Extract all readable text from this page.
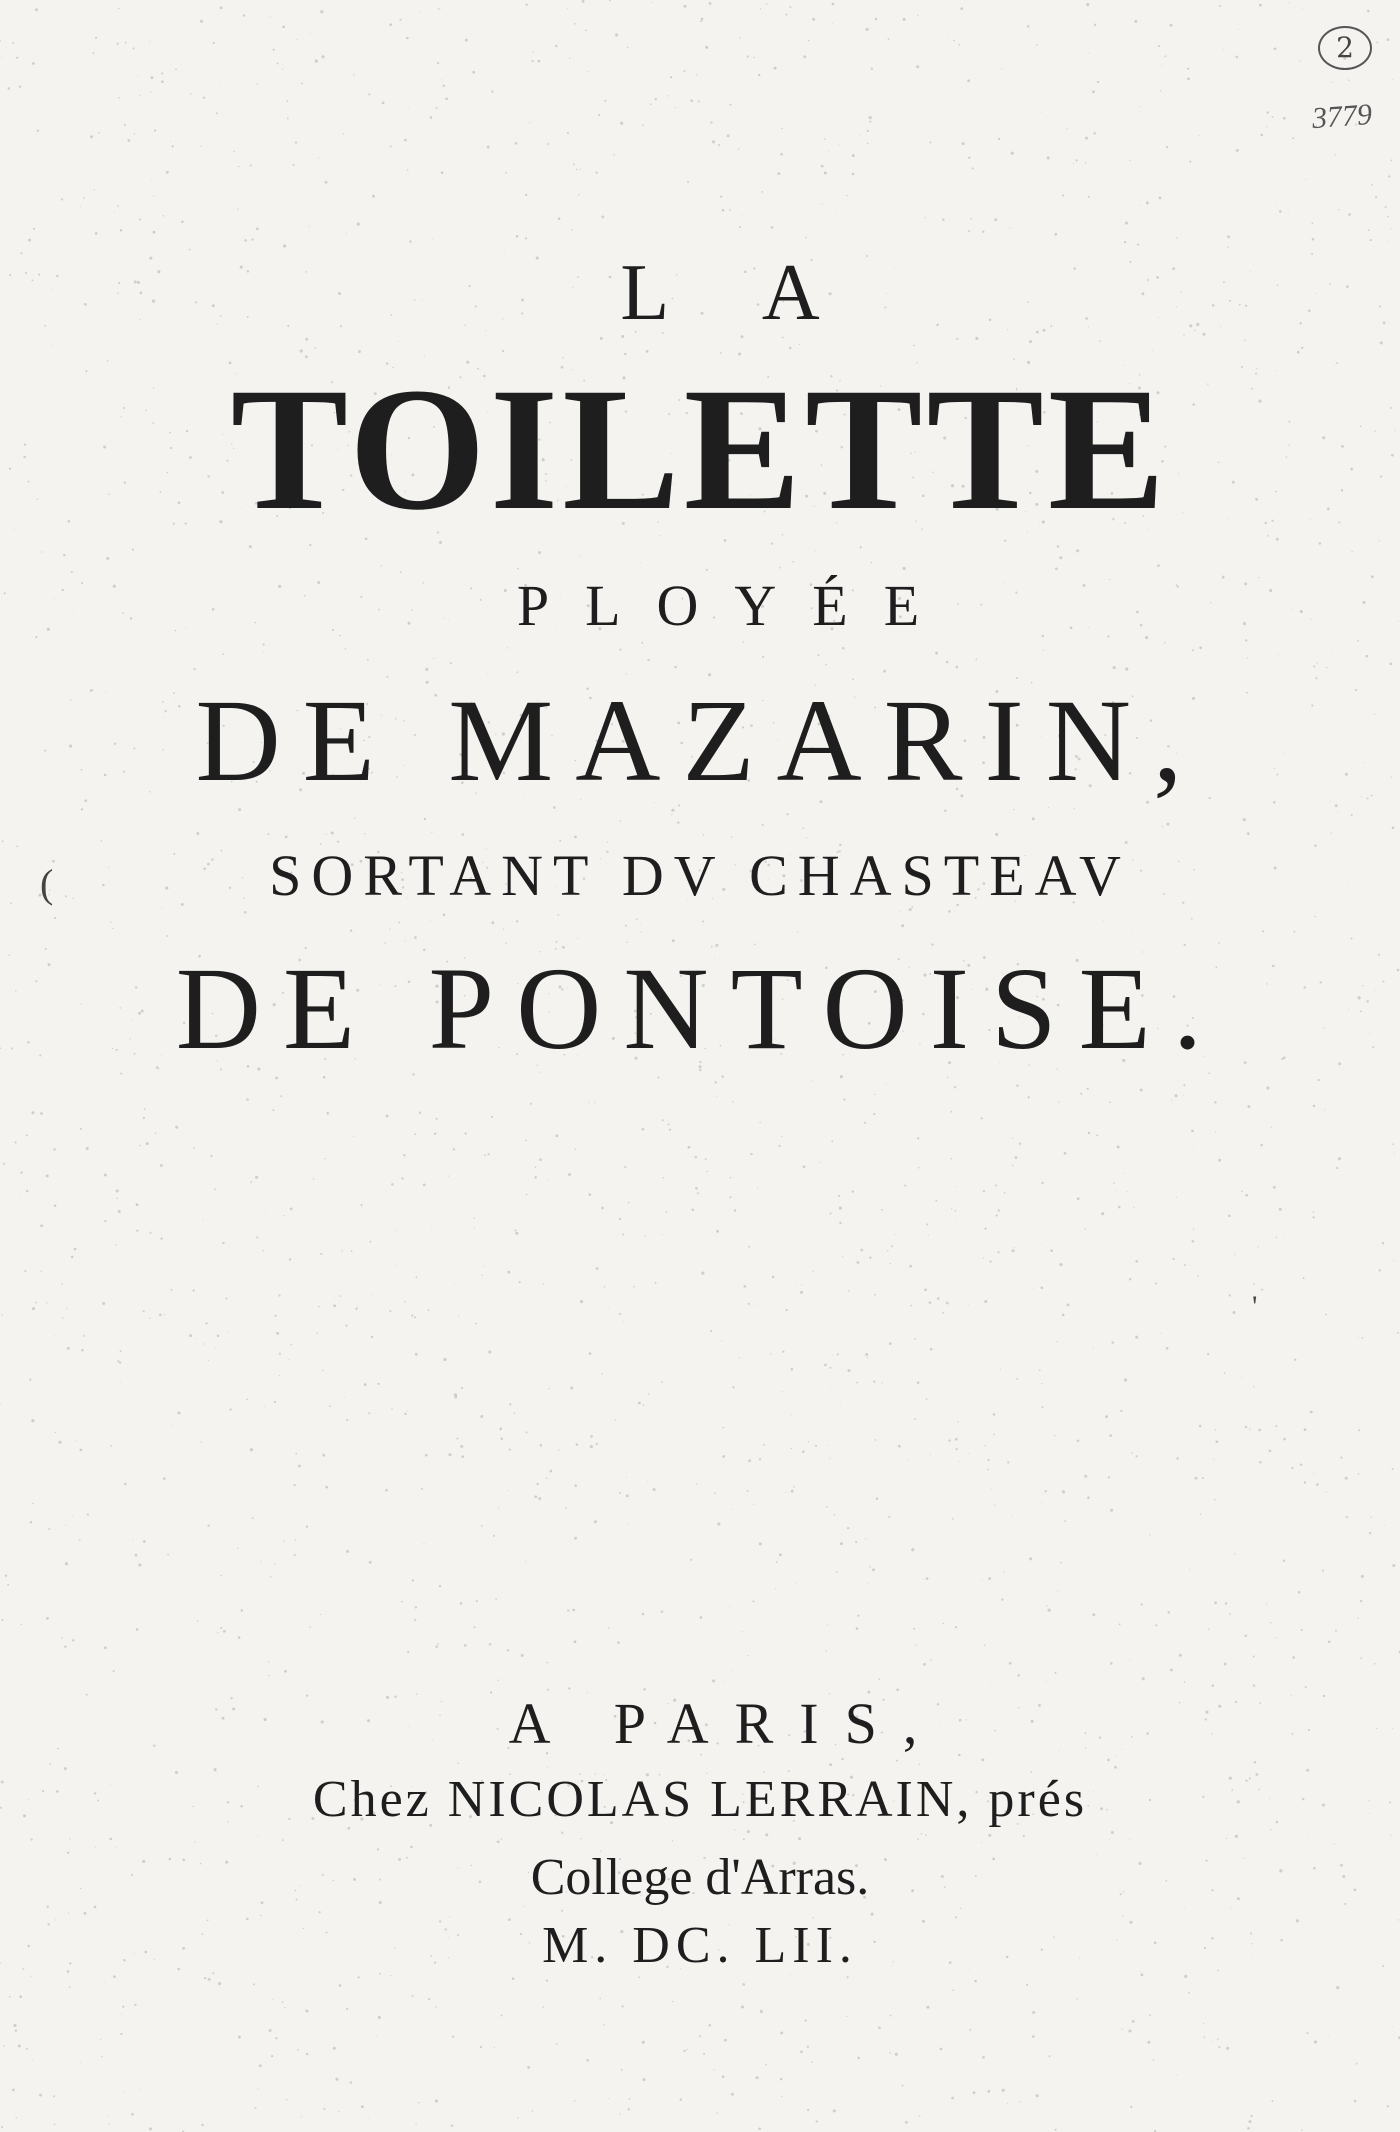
2
3779
L A
TOILETTE
PLOYÉE
DE MAZARIN,
SORTANT DV CHASTEAV
DE PONTOISE.
(
'
A PARIS,
Chez NICOLAS LERRAIN, prés
College d'Arras.
M. DC. LII.
